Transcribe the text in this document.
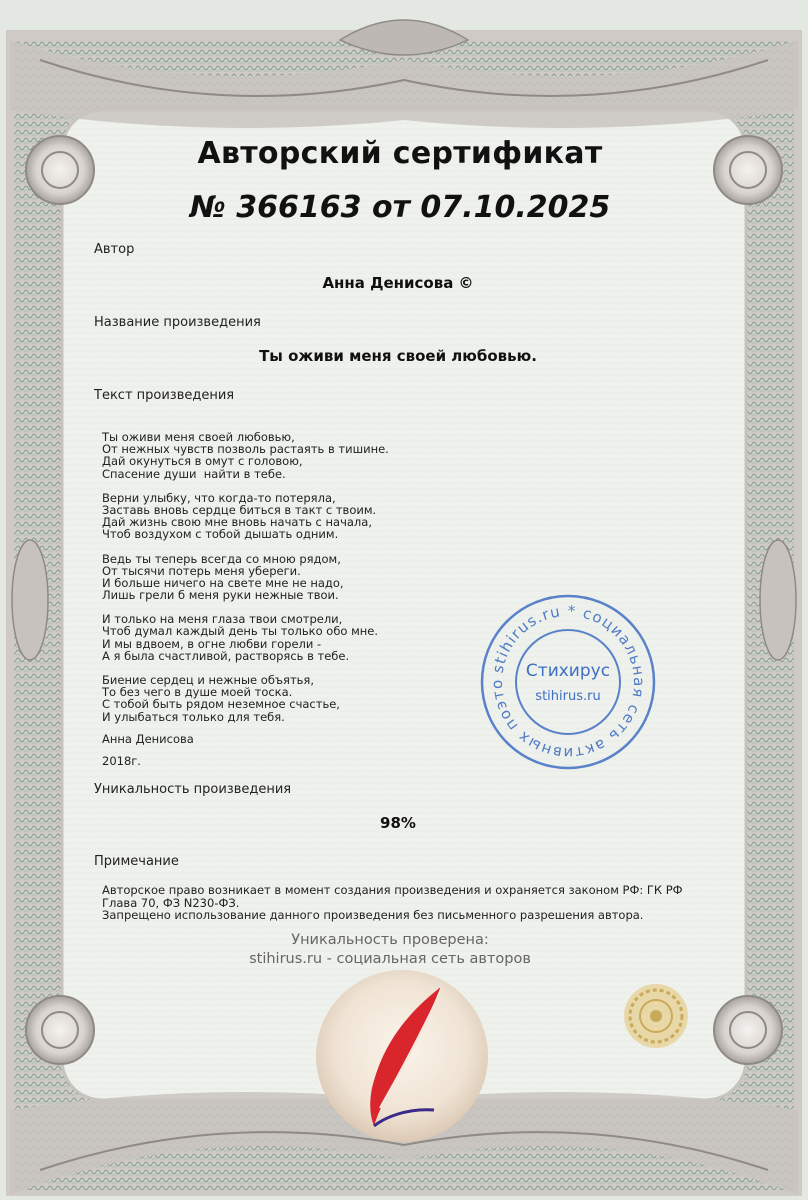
Авторский сертификат
№ 366163 от 07.10.2025
Автор
Анна Денисова ©
Название произведения
Ты оживи меня своей любовью.
Текст произведения
Ты оживи меня своей любовью,
От нежных чувств позволь растаять в тишине.
Дай окунуться в омут с головою,
Спасение души  найти в тебе.
Верни улыбку, что когда-то потеряла,
Заставь вновь сердце биться в такт с твоим.
Дай жизнь свою мне вновь начать с начала,
Чтоб воздухом с тобой дышать одним.
Ведь ты теперь всегда со мною рядом,
От тысячи потерь меня убереги.
И больше ничего на свете мне не надо,
Лишь грели б меня руки нежные твои.
И только на меня глаза твои смотрели,
Чтоб думал каждый день ты только обо мне.
И мы вдвоем, в огне любви горели -
А я была счастливой, растворясь в тебе.
Биение сердец и нежные объятья,
То без чего в душе моей тоска.
С тобой быть рядом неземное счастье,
И улыбаться только для тебя.
Анна Денисова
2018г.
Уникальность произведения
98%
Примечание
Авторское право возникает в момент создания произведения и охраняется законом РФ: ГК РФ Глава 70, ФЗ N230-ФЗ.
Запрещено использование данного произведения без письменного разрешения автора.
Уникальность проверена:
stihirus.ru - социальная сеть авторов
stihirus.ru * социальная сеть активных поэто
Стихирус
stihirus.ru
